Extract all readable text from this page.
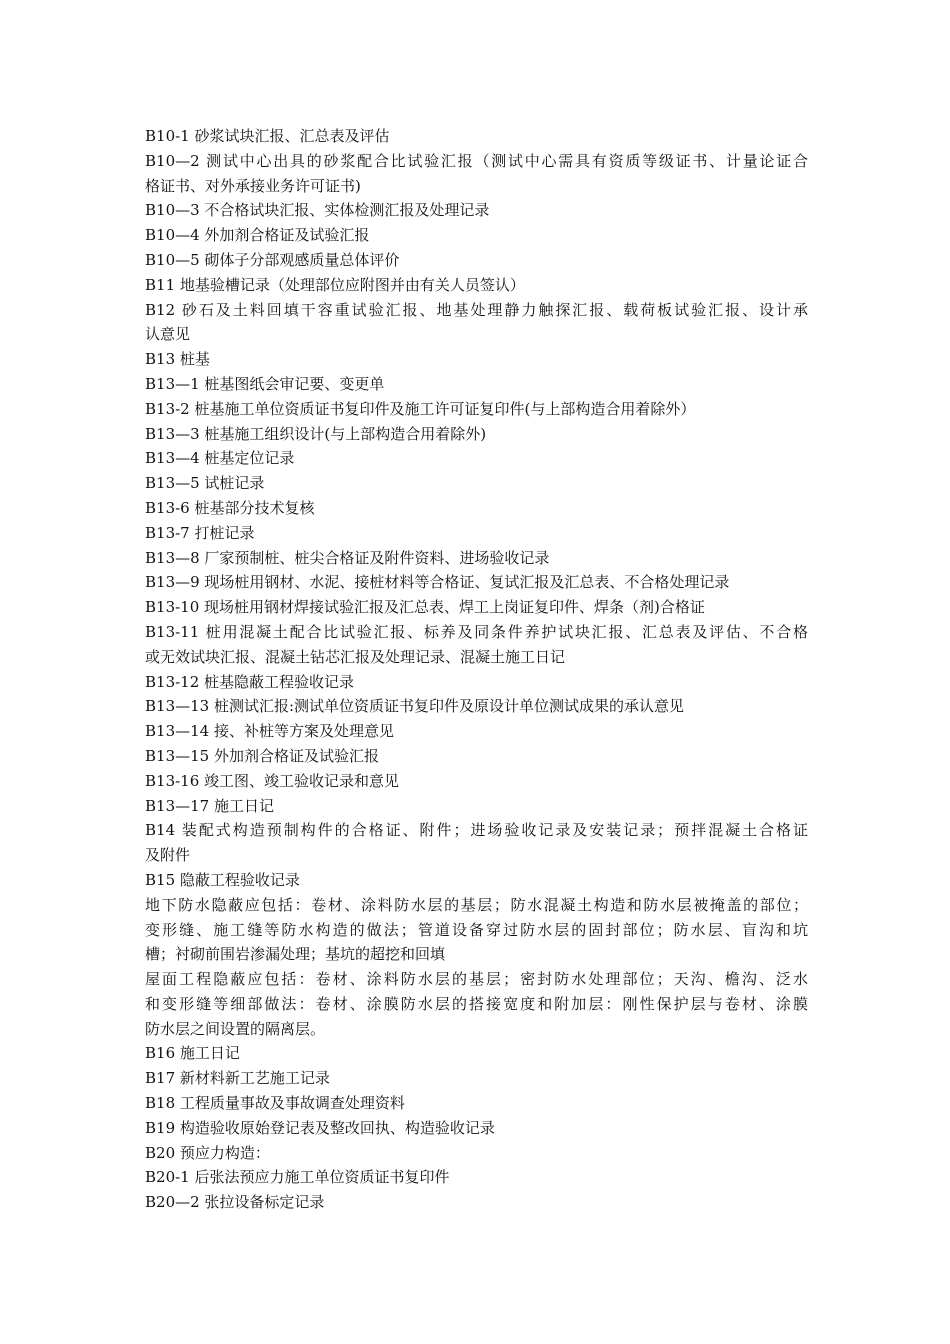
B10-1 砂浆试块汇报、汇总表及评估
B10—2 测试中心出具的砂浆配合比试验汇报（测试中心需具有资质等级证书、计量论证合
格证书、对外承接业务许可证书)
B10—3 不合格试块汇报、实体检测汇报及处理记录
B10—4 外加剂合格证及试验汇报
B10—5 砌体子分部观感质量总体评价
B11 地基验槽记录（处理部位应附图并由有关人员签认）
B12 砂石及土料回填干容重试验汇报、地基处理静力触探汇报、载荷板试验汇报、设计承
认意见
B13 桩基
B13—1 桩基图纸会审记要、变更单
B13-2 桩基施工单位资质证书复印件及施工许可证复印件(与上部构造合用着除外）
B13—3 桩基施工组织设计(与上部构造合用着除外)
B13—4 桩基定位记录
B13—5 试桩记录
B13-6 桩基部分技术复核
B13-7 打桩记录
B13—8 厂家预制桩、桩尖合格证及附件资料、进场验收记录
B13—9 现场桩用钢材、水泥、接桩材料等合格证、复试汇报及汇总表、不合格处理记录
B13-10 现场桩用钢材焊接试验汇报及汇总表、焊工上岗证复印件、焊条（剂)合格证
B13-11 桩用混凝土配合比试验汇报、标养及同条件养护试块汇报、汇总表及评估、不合格
或无效试块汇报、混凝土钻芯汇报及处理记录、混凝土施工日记
B13-12 桩基隐蔽工程验收记录
B13—13 桩测试汇报:测试单位资质证书复印件及原设计单位测试成果的承认意见
B13—14 接、补桩等方案及处理意见
B13—15 外加剂合格证及试验汇报
B13-16 竣工图、竣工验收记录和意见
B13—17 施工日记
B14 装配式构造预制构件的合格证、附件；进场验收记录及安装记录；预拌混凝土合格证
及附件
B15 隐蔽工程验收记录
地下防水隐蔽应包括：卷材、涂料防水层的基层；防水混凝土构造和防水层被掩盖的部位；
变形缝、施工缝等防水构造的做法；管道设备穿过防水层的固封部位；防水层、盲沟和坑
槽；衬砌前围岩渗漏处理；基坑的超挖和回填
屋面工程隐蔽应包括：卷材、涂料防水层的基层；密封防水处理部位；天沟、檐沟、泛水
和变形缝等细部做法：卷材、涂膜防水层的搭接宽度和附加层：刚性保护层与卷材、涂膜
防水层之间设置的隔离层。
B16 施工日记
B17 新材料新工艺施工记录
B18 工程质量事故及事故调查处理资料
B19 构造验收原始登记表及整改回执、构造验收记录
B20 预应力构造：
B20-1 后张法预应力施工单位资质证书复印件
B20—2 张拉设备标定记录
